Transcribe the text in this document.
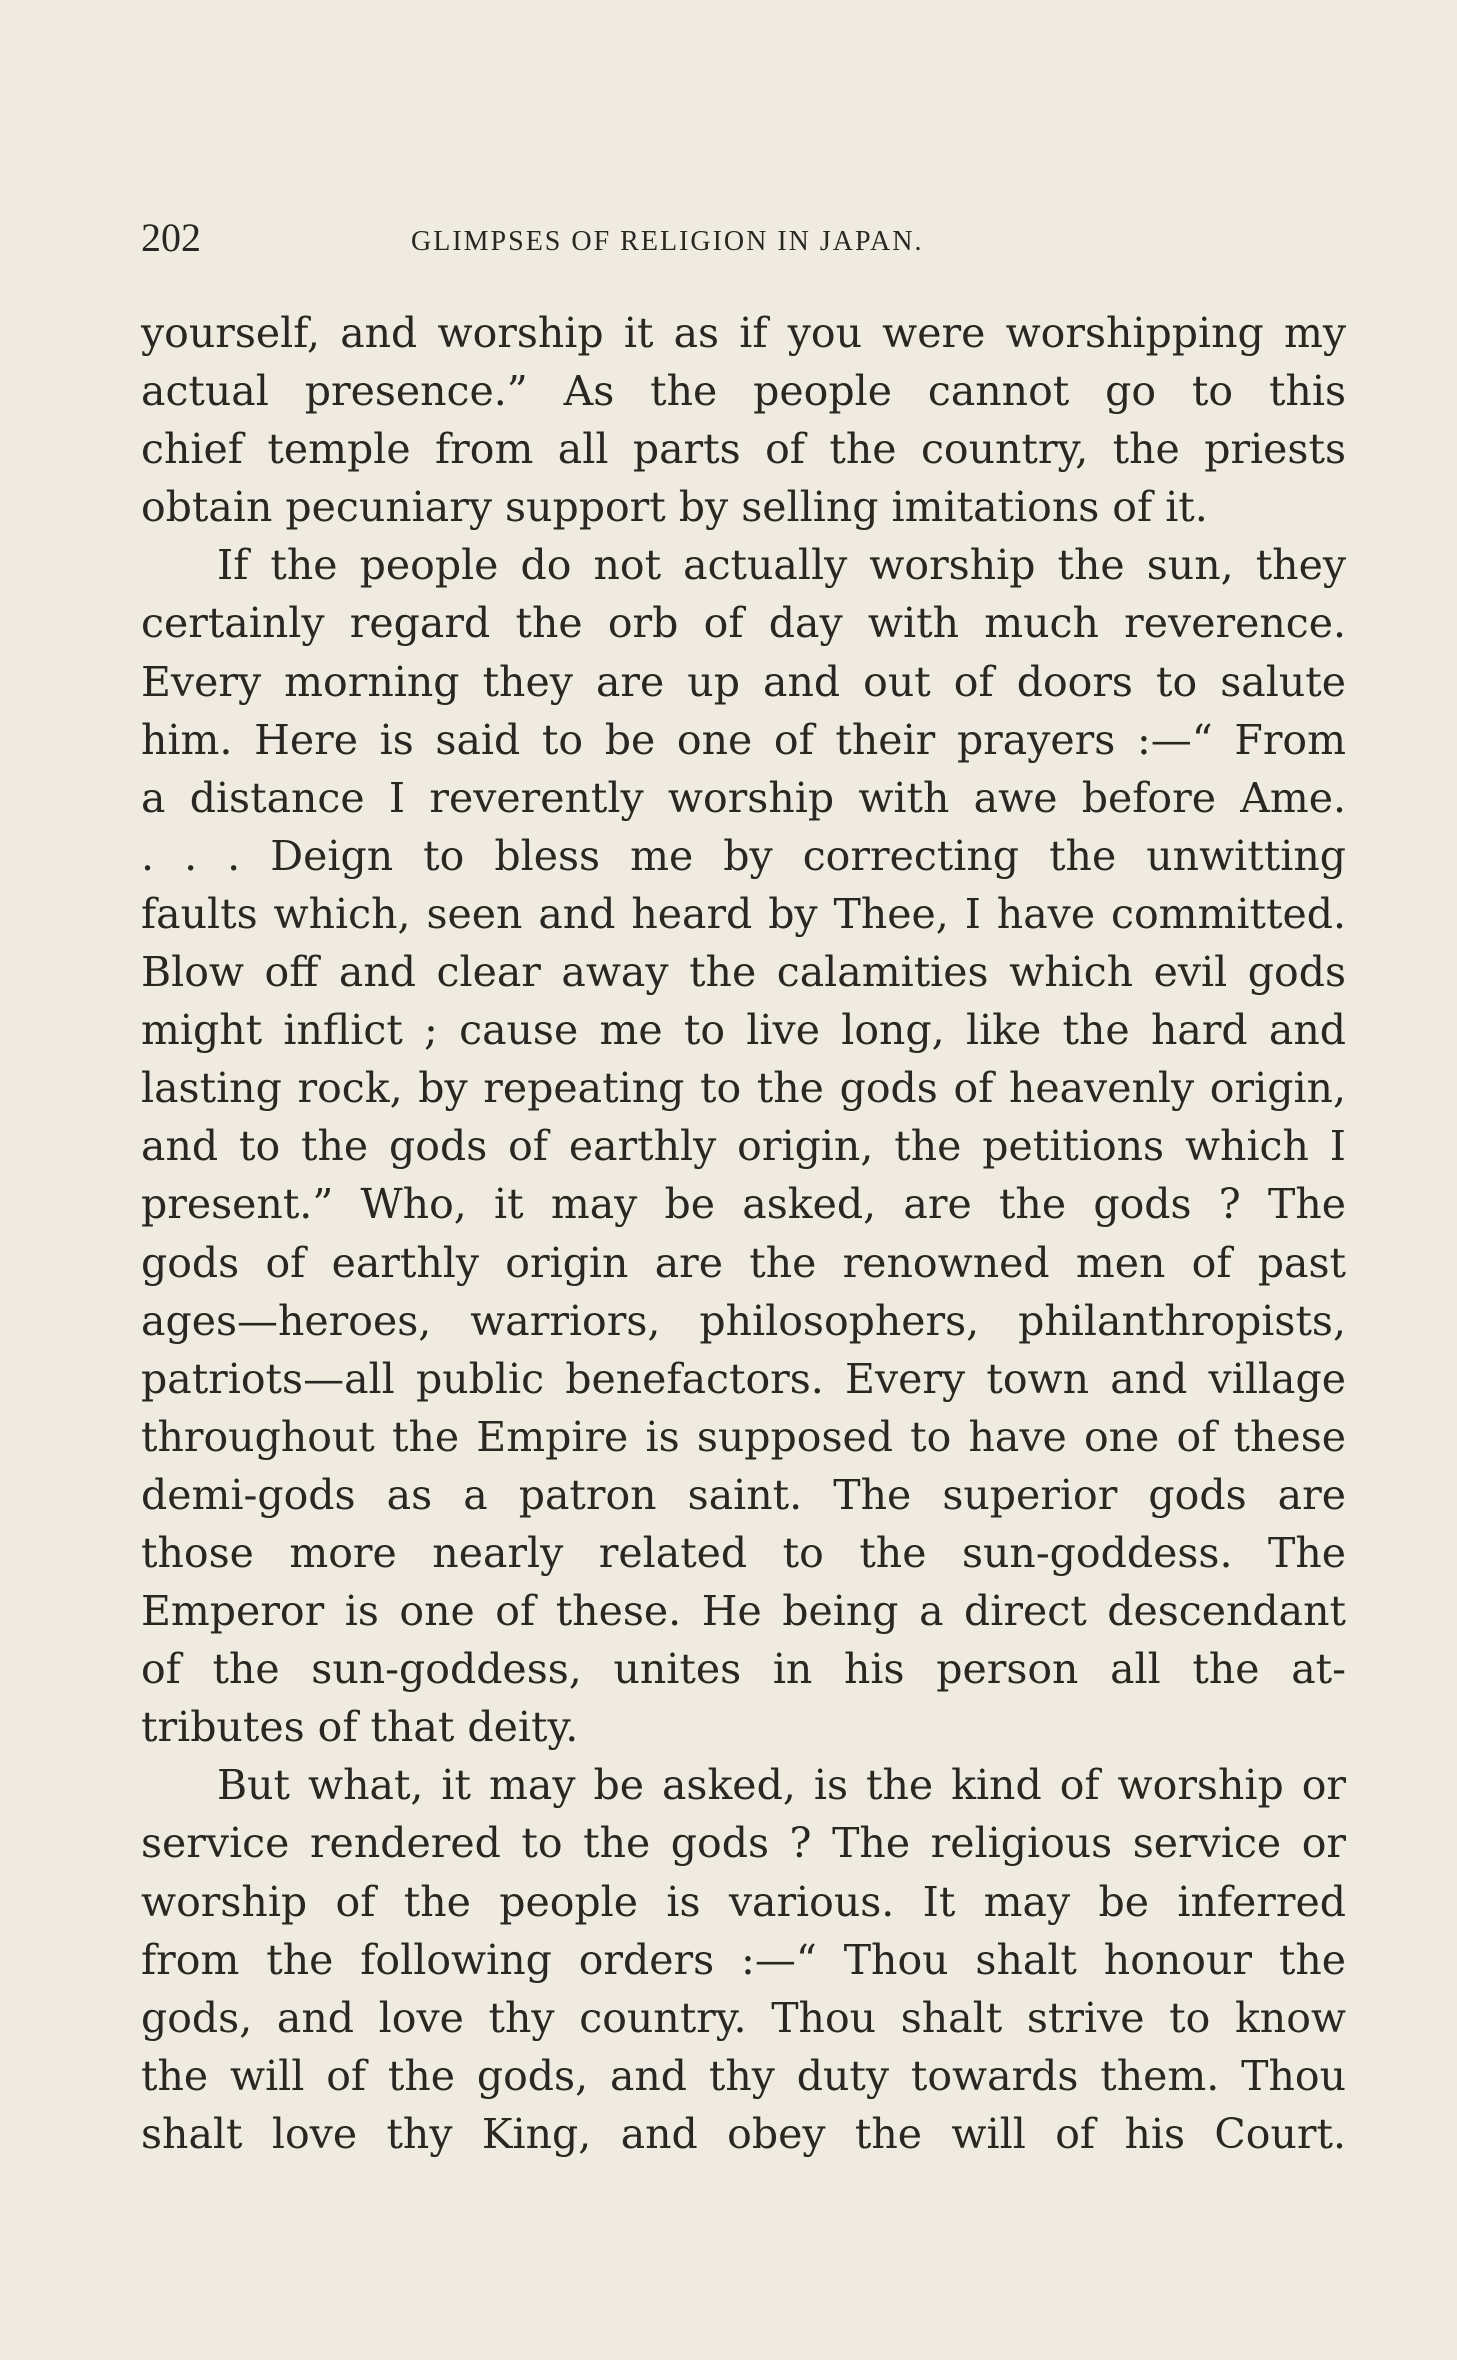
202	GLIMPSES OF RELIGION IN JAPAN.
yourself, and worship it as if you were worshipping my
actual presence.” As the people cannot go to this
chief temple from all parts of the country, the priests
obtain pecuniary support by selling imitations of it.
If the people do not actually worship the sun, they
certainly regard the orb of day with much reverence.
Every morning they are up and out of doors to salute
him. Here is said to be one of their prayers :—“ From
a distance I reverently worship with awe before Ame.
. . . Deign to bless me by correcting the unwitting
faults which, seen and heard by Thee, I have committed.
Blow off and clear away the calamities which evil gods
might inflict ; cause me to live long, like the hard and
lasting rock, by repeating to the gods of heavenly origin,
and to the gods of earthly origin, the petitions which I
present.” Who, it may be asked, are the gods ? The
gods of earthly origin are the renowned men of past
ages—heroes, warriors, philosophers, philanthropists,
patriots—all public benefactors. Every town and village
throughout the Empire is supposed to have one of these
demi-gods as a patron saint. The superior gods are
those more nearly related to the sun-goddess. The
Emperor is one of these. He being a direct descendant
of the sun-goddess, unites in his person all the at-
tributes of that deity.
But what, it may be asked, is the kind of worship or
service rendered to the gods ? The religious service or
worship of the people is various. It may be inferred
from the following orders :—“ Thou shalt honour the
gods, and love thy country. Thou shalt strive to know
the will of the gods, and thy duty towards them. Thou
shalt love thy King, and obey the will of his Court.
